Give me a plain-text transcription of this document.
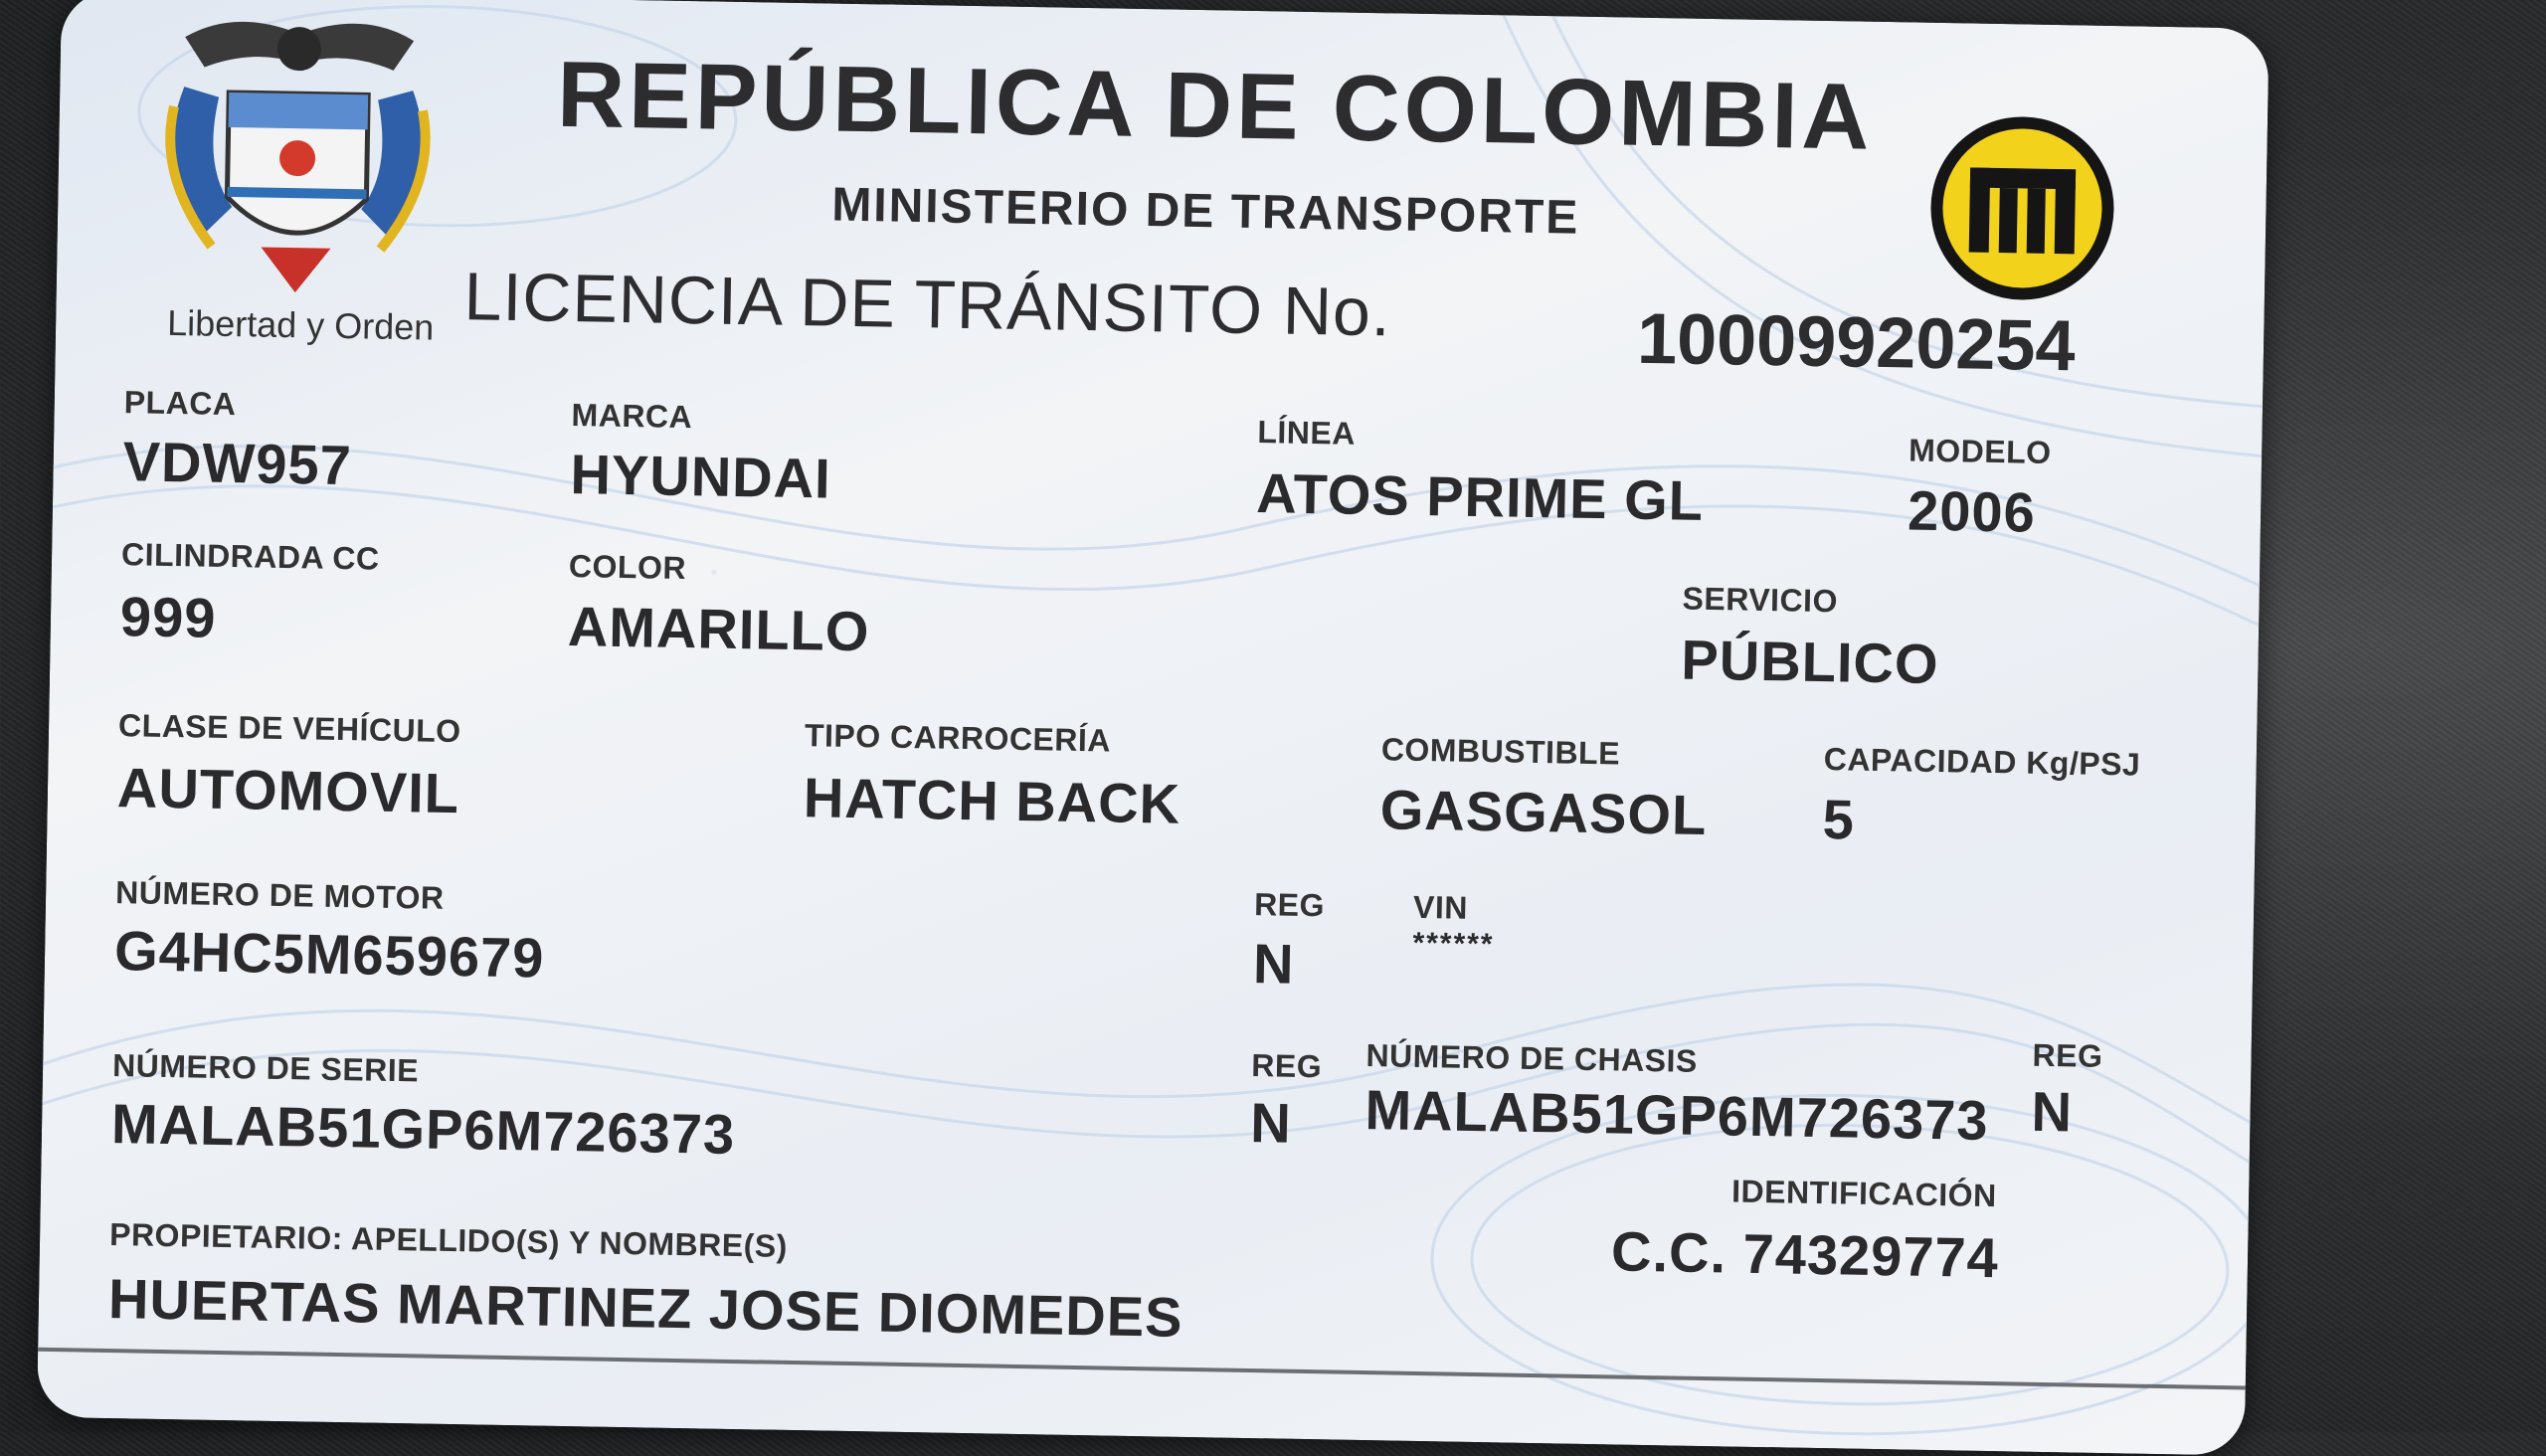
Libertad y Orden
REPÚBLICA DE COLOMBIA
MINISTERIO DE TRANSPORTE
LICENCIA DE TRÁNSITO No.	10009920254
PLACA
VDW957
MARCA
HYUNDAI
LÍNEA
ATOS PRIME GL
MODELO
2006
CILINDRADA CC
999
COLOR
AMARILLO	SERVICIO
PÚBLICO
CLASE DE VEHÍCULO
AUTOMOVIL
TIPO CARROCERÍA
HATCH BACK
COMBUSTIBLE
GASGASOL
CAPACIDAD Kg/PSJ
5
NÚMERO DE MOTOR
G4HC5M659679
REG
N
VIN
******
NÚMERO DE SERIE
MALAB51GP6M726373
REG
N
NÚMERO DE CHASIS
MALAB51GP6M726373
REG
N
IDENTIFICACIÓN
C.C. 74329774
PROPIETARIO: APELLIDO(S) Y NOMBRE(S)
HUERTAS MARTINEZ JOSE DIOMEDES
